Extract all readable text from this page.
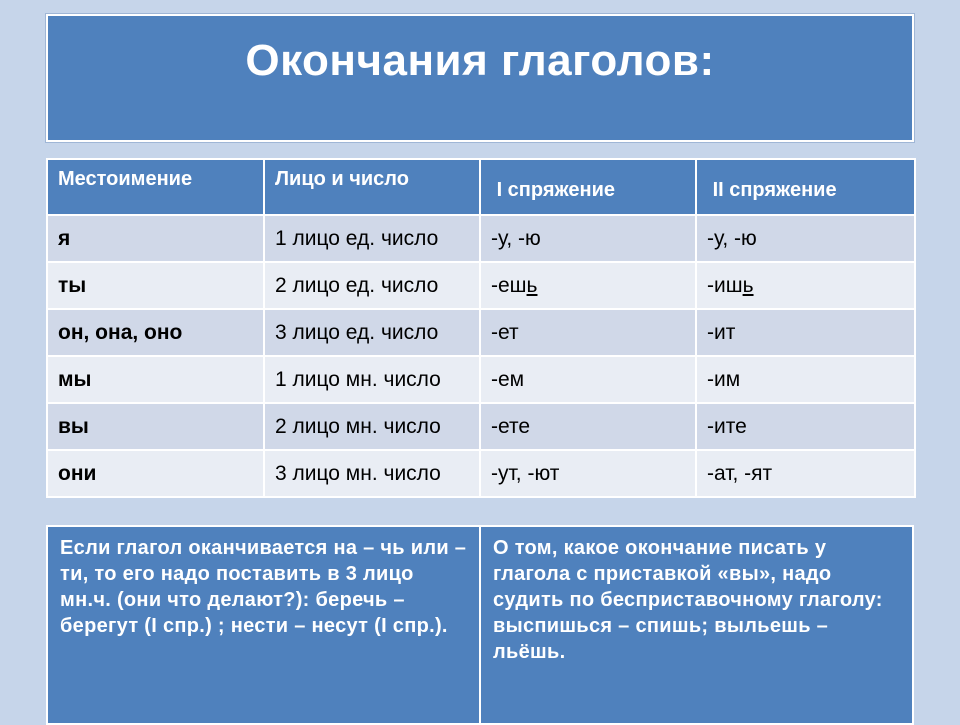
Окончания глаголов:
Местоимение	Лицо и число	I спряжение	II спряжение
я	1 лицо ед. число	-у, -ю	-у, -ю
ты	2 лицо ед. число	-ешь	-ишь
он, она, оно	3 лицо ед. число	-ет	-ит
мы	1 лицо мн. число	-ем	-им
вы	2 лицо мн. число	-ете	-ите
они	3 лицо мн. число	-ут, -ют	-ат, -ят
Если глагол оканчивается на – чь или – ти, то его надо поставить в 3 лицо мн.ч. (они что делают?): беречь – берегут (I спр.) ; нести – несут (I спр.).
О том, какое окончание писать у глагола с приставкой «вы», надо судить по бесприставочному глаголу: выспишься – спишь; выльешь – льёшь.
